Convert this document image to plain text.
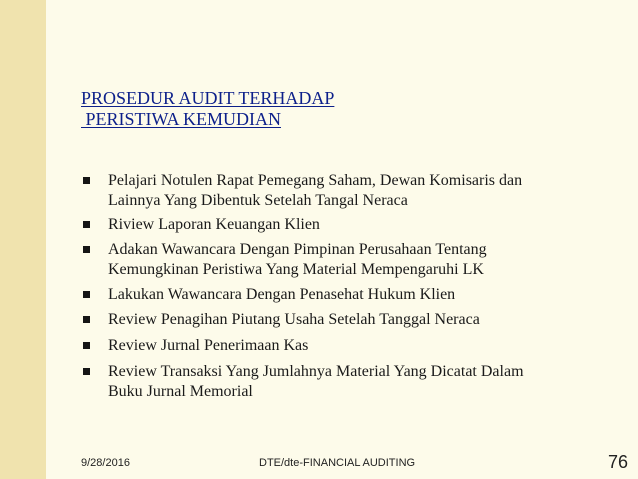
PROSEDUR AUDIT TERHADAP
PERISTIWA KEMUDIAN
Pelajari Notulen Rapat Pemegang Saham, Dewan Komisaris dan
Lainnya Yang Dibentuk Setelah Tangal Neraca
Riview Laporan Keuangan Klien
Adakan Wawancara Dengan Pimpinan Perusahaan Tentang
Kemungkinan Peristiwa Yang Material Mempengaruhi LK
Lakukan Wawancara Dengan Penasehat Hukum Klien
Review Penagihan Piutang Usaha Setelah Tanggal Neraca
Review Jurnal Penerimaan Kas
Review Transaksi Yang Jumlahnya Material Yang Dicatat Dalam
Buku Jurnal Memorial
9/28/2016	DTE/dte-FINANCIAL AUDITING	76
